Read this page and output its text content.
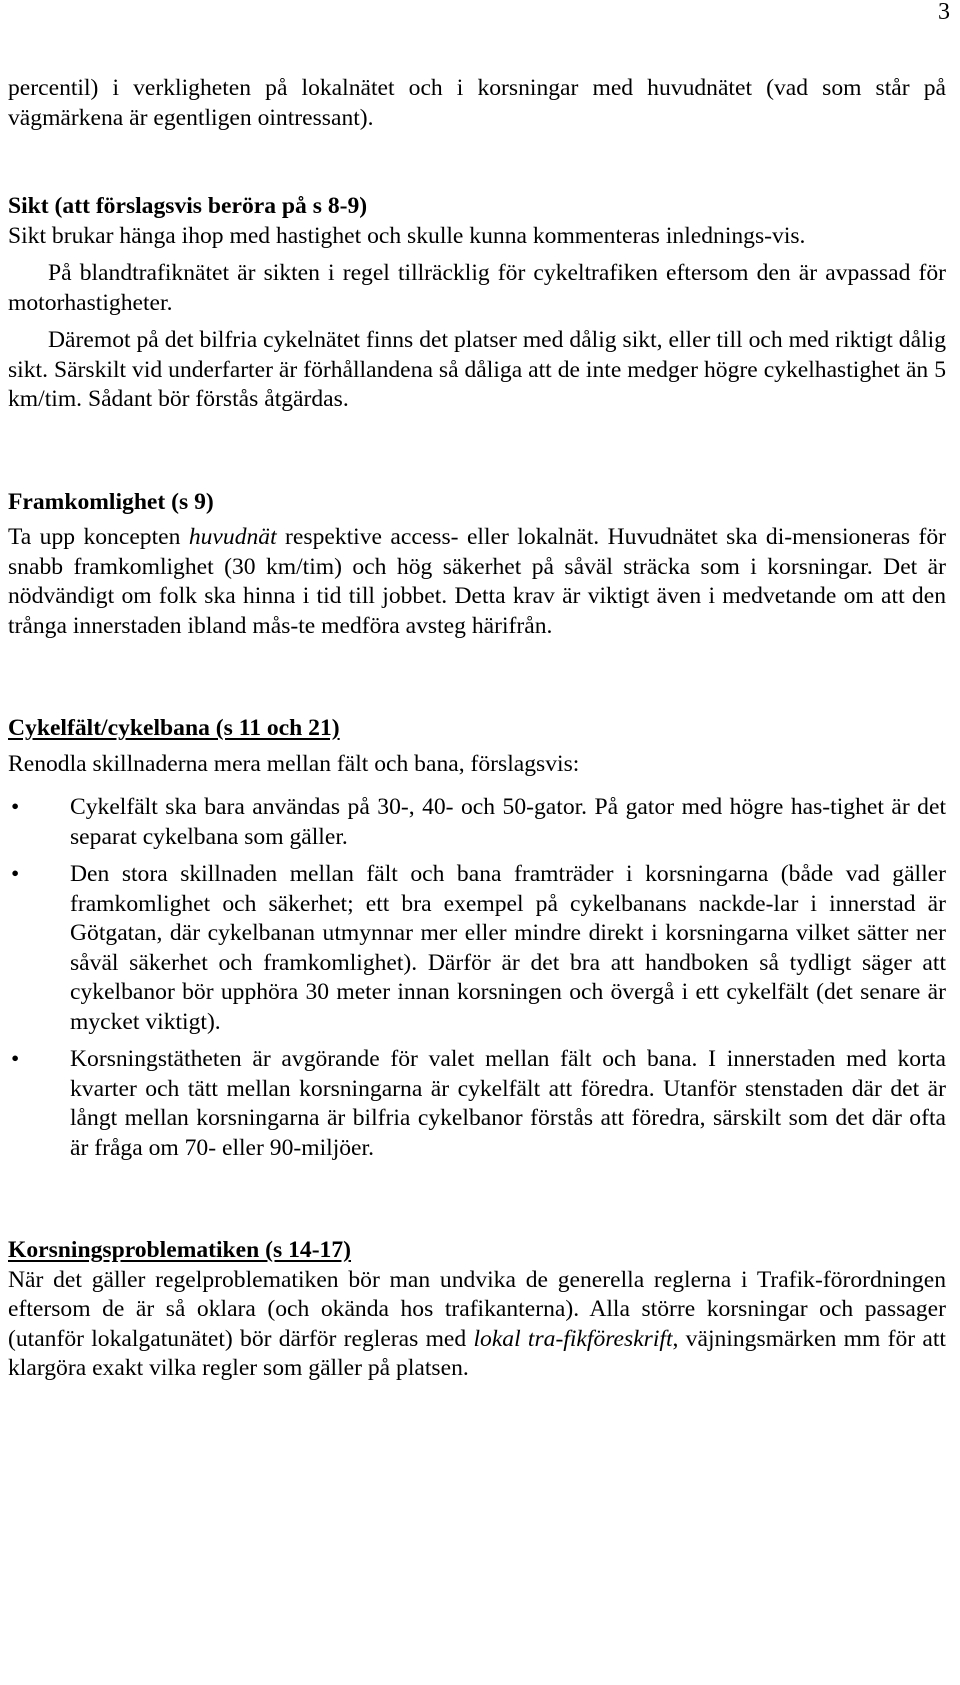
3

percentil) i verkligheten på lokalnätet och i korsningar med huvudnätet (vad som står på vägmärkena är egentligen ointressant).

Sikt (att förslagsvis beröra på s 8-9)

Sikt brukar hänga ihop med hastighet och skulle kunna kommenteras inlednings-vis.

På blandtrafiknätet är sikten i regel tillräcklig för cykeltrafiken eftersom den är avpassad för motorhastigheter.

Däremot på det bilfria cykelnätet finns det platser med dålig sikt, eller till och med riktigt dålig sikt. Särskilt vid underfarter är förhållandena så dåliga att de inte medger högre cykelhastighet än 5 km/tim. Sådant bör förstås åtgärdas.

Framkomlighet (s 9)

Ta upp koncepten huvudnät respektive access- eller lokalnät. Huvudnätet ska di-mensioneras för snabb framkomlighet (30 km/tim) och hög säkerhet på såväl sträcka som i korsningar. Det är nödvändigt om folk ska hinna i tid till jobbet. Detta krav är viktigt även i medvetande om att den trånga innerstaden ibland mås-te medföra avsteg härifrån.

Cykelfält/cykelbana (s 11 och 21)

Renodla skillnaderna mera mellan fält och bana, förslagsvis:

• Cykelfält ska bara användas på 30-, 40- och 50-gator. På gator med högre has-tighet är det separat cykelbana som gäller.
• Den stora skillnaden mellan fält och bana framträder i korsningarna (både vad gäller framkomlighet och säkerhet; ett bra exempel på cykelbanans nackde-lar i innerstad är Götgatan, där cykelbanan utmynnar mer eller mindre direkt i korsningarna vilket sätter ner såväl säkerhet och framkomlighet). Därför är det bra att handboken så tydligt säger att cykelbanor bör upphöra 30 meter innan korsningen och övergå i ett cykelfält (det senare är mycket viktigt).
• Korsningstätheten är avgörande för valet mellan fält och bana. I innerstaden med korta kvarter och tätt mellan korsningarna är cykelfält att föredra. Utanför stenstaden där det är långt mellan korsningarna är bilfria cykelbanor förstås att föredra, särskilt som det där ofta är fråga om 70- eller 90-miljöer.

Korsningsproblematiken (s 14-17)

När det gäller regelproblematiken bör man undvika de generella reglerna i Trafik-förordningen eftersom de är så oklara (och okända hos trafikanterna). Alla större korsningar och passager (utanför lokalgatunätet) bör därför regleras med lokal tra-fikföreskrift, väjningsmärken mm för att klargöra exakt vilka regler som gäller på platsen.
